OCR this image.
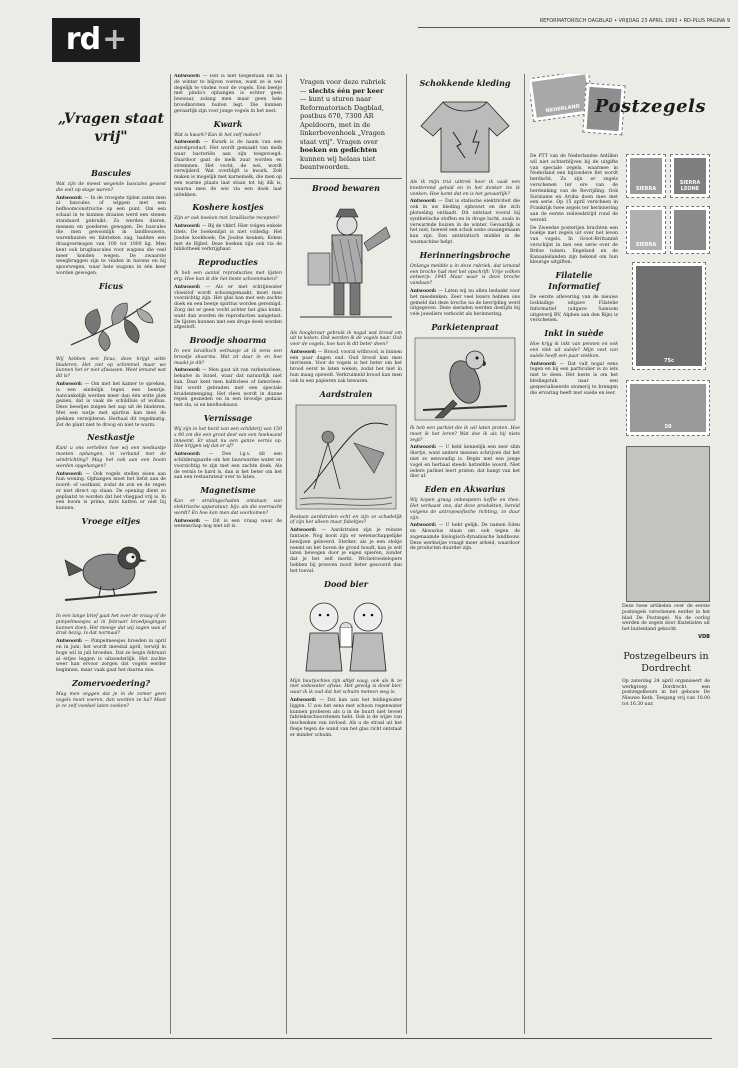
rd+
REFORMATORISCH DAGBLAD • VRIJDAG 23 APRIL 1993 • RD-PLUS PAGINA 9
„Vragen staat vrij"
Bascules

Wat zijn de meest wegende bascules gewest die ooit op stage waren?

Antwoord: — In de vroegste tijden zaten men al bascules of wippen met een hefboomconstructie op een punt. Om een schaal in te kunnen draaien werd een stenen standaard gebruikt. Zo werden dieren, mensen en goederen gewogen. De bascules die men gewoonlijk in landbouwers, warenhuizen en fabrieken zag, hadden een draagvermogen van 100 tot 1000 kg. Men kent ook brugbascules voor wagens die veel meer konden wegen. De zwaarste weegbruggen zijn te vinden in havens en bij spoorwegen, waar hele wagons in één keer worden gewogen.

Ficus

Wij hebben een ficus, deze krijgt witte bladeren. Het ziet op schimmel maar we kunnen het er niet afwassen. Weet iemand wat dit is?

Antwoord: — Om met het kamer te spreken, is een eindelijk tegen een beestje. Aanvankelijk werden meer dan één witte plek gezien, dat is vaak de schildluis of wolluis. Deze beestjes zuigen het sap uit de bladeren. Met een watje met spiritus kan men de plekken verwijderen. Herhaal dit regelmatig. Zet de plant niet te droog en niet te warm.

Nestkastje

Kunt u ons vertellen hoe wij een nestkastje moeten ophangen, in verband met de windrichting? Mag het ook aan een boom worden opgehangen?

Antwoord: — Ook vogels stellen eisen aan hun woning. Ophangen moet het liefst aan de noord- of oostkant, zodat de zon en de regen er niet direct op staan. De opening dient zo geplaatst te worden dat het vliegpad vrij is. In een boom is prima, mits katten er niet bij kunnen.

Vroege eitjes

In een lange brief gaat het over de vraag of de pimpelmeesjes al in februari broedpogingen kunnen doen. Het meesje dat wij zagen was al druk bezig. Is dat normaal?

Antwoord: — Pimpelmeesjes broeden in april en in juni; het wordt meestal april, terwijl in hoge wil in juli broeden. Dat ze begin februari al eitjes leggen is uitzonderlijk. Het zachte weer kan ervoor zorgen dat vogels eerder beginnen, maar vaak gaat het daarna mis.

Zomervoedering?

Mag men zeggen dat je in de zomer geen vogels moet voeren, dan worden ze lui? Moet je ze zelf voedsel laten zoeken?

Antwoord: — Het is niet toegestaan om na de winter te blijven voeren, want ze is wel degelijk te vinden voor de vogels. Een beetje met pinda's ophangen is echter geen bezwaar, zolang men maar geen hele broodkorsten buiten legt. Die kunnen gevaarlijk zijn voor jonge vogels in het nest.

Kwark

Wat is kwark? Kan ik het zelf maken?

Antwoord: — Kwark is de naam van een zuivelproduct. Het wordt gemaakt van melk waar bacteriën aan zijn toegevoegd. Daardoor gaat de melk zuur worden en stremmen. Het vocht, de wei, wordt verwijderd. Wat overblijft is kwark. Zelf maken is mogelijk met karnemelk, die men op een warme plaats laat staan tot hij dik is, waarna men de wei via een doek laat uitlekken.

Koshere kostjes

Zijn er ook boeken met Israëlische recepten?

Antwoord: — Bij de vkbrf. Hier volgen enkele titels. De boekenlijst is niet volledig: Het Joodse kookboek; De Joodse keuken; Koken met de Bijbel. Deze boeken zijn ook via de bibliotheek verkrijgbaar.

Reproducties

Ik heb een aantal reproducties met lijsten erg. Hoe kan ik die het beste schoonmaken?

Antwoord: — Als er met schrijnwater vloeistof wordt schoongemaakt, moet men voorzichtig zijn. Het glas kan met een zachte doek en een beetje spiritus worden gereinigd. Zorg dat er geen vocht achter het glas komt, want dan worden de reproducties aangetast. De lijsten kunnen met een droge doek worden afgestoft.

Broodje shoarma

In een Israëlisch eethuisje at ik eens een broodje shoarma. Wat zit daar in en hoe maakt je dit?

Antwoord: — Men gaat uit van varkensvlees, behalve in Israel, waar dat natuurlijk niet kan. Daar kent men kalfsvlees of lamsvlees. Dat wordt gebraden met een speciale kruidenmenging. Het vlees wordt in dunne repen gesneden en in een broodje gedaan met sla, ui en knoflooksaus.

Vernissage

Wij zijn in het bezit van een schilderij van 150 x 90 cm die een groot deel van een hoekwand inneemt. Er staat nu een ganze vernis op. Hoe krijgen wij dat er af?

Antwoord: — Doe l.g.v. dit een schildersgaarde om het lauwwarme water en voorzichtig te zijn met een zachte doek. Als de vernis te hard is, dan is het beter om het aan een restaurateur over te laten.

Magnetisme

Kan er stralingschaden ontstaan van elektrische apparatuur, bijv. als die overnacht wordt? En hoe kan men dat voorkomen?

Antwoord: — Dit is een vraag waar de wetenschap nog niet uit is.

Vragen voor deze rubriek — slechts één per keer — kunt u sturen naar Reformatorisch Dagblad, postbus 670, 7300 AR Apeldoorn, met in de linkerbovenhoek „Vragen staat vrij". Vragen over boeken en gedichten kunnen wij helaas niet beantwoorden.
Brood bewaren

Als hoogleraar gebruik ik nogal wat brood om uit te koken. Ook worden ik de vogels naar. Ook voor de vogels, hoe kan ik dit beter doen?

Antwoord: — Brood, vooral witbrood, is binnen een paar dagen oud. Oud brood kan men invriezen. Voor de vogels is het beter om het brood eerst te laten weken, zodat het niet in hun maag opzwelt. Verkruimeld brood kan men ook in een papieren zak bewaren.

Aardstralen

Bestaan aardstralen echt en zijn ze schadelijk of zijn het alleen maar fabeltjes?

Antwoord: — Aardstralen zijn je reinste fantasie. Nog nooit zijn er wetenschappelijke bewijzen geleverd. Sterker, als je een stokje neemt en het boven de grond houdt, kan je zelf laten bewegen door je eigen spieren, zonder dat je het zelf merkt. Wichelroedelopers hebben bij proeven nooit beter gescoord dan het toeval.

Dood bier

Mijn buurjochies zijn altijd vaag, ook als ik ze met sodawater afwas. Het gevolg is dood bier, waar ik ik oud dat het schuim meteen weg is.

Antwoord: — Dat kan aan het leidingwater liggen. U zou het eens met schoon regenwater kunnen proberen als u in de buurt niet teveel fabrieksschoorstenen hebt. Ook is de wijze van inschenken van invloed. Als u de straal uit het flesje tegen de wand van het glas richt ontstaat er minder schuim.

Schokkende kleding

Als ik mijn trui uittrek hoor ik vaak een knetterend geluid en in het donker zie ik vonken. Hoe komt dat en is het gevaarlijk?

Antwoord: — Dat is statische elektriciteit die ook in uw kleding opbouwt en die zich plotseling ontlaadt. Dit ontstaat vooral bij synthetische stoffen en in droge lucht, zoals in verwarmde huizen in de winter. Gevaarlijk is het niet, hoewel een schok soms onaangenaam kan zijn. Een antistatisch middel in de wasmachine helpt.

Herinneringsbroche

Onlangs meldde u in deze rubriek, dat iemand een broche had met het opschrift: Vrije volken antwerp: 1945 Maar waar is deze broche vandaan?

Antwoord: — Laten wij nu allen bedankt voor het meedenken. Zeer veel lezers hebben ons gemeld dat deze broche na de bevrijding werd uitgegeven. Deze sieraden werden destijds bij vele juweliers verkocht als herinnering.

Parkietenpraat

Ik heb een parkiet die ik wil laten praten. Hoe moet ik het leren? Wat doe ik als hij niets zegt?

Antwoord: — U hebt kennelijk een zeer slim diertje, want andere mensen schrijven dat het niet zo eenvoudig is. Begin met een jonge vogel en herhaal steeds hetzelfde woord. Niet iedere parkiet leert praten, dat hangt van het dier af.

Eden en Akwarius

Wij kopen graag onbespoten koffie en thee. Het verbaast ons, dat deze produkten, bereid volgens de antroposofische richting, zo duur zijn.

Antwoord: — U hebt gelijk. De namen Eden en Akwarius staan om ook tegen de zogenaamde biologisch-dynamische landbouw. Deze werkwijze vraagt meer arbeid, waardoor de producten duurder zijn.

NEDERLAND Postzegels

De PTT van de Nederlandse Antillen wil niet achterblijven bij de uitgifte van speciale zegels, waarmee in Nederland een bijzondere fiet wordt herdacht. Zo zijn er zegels verschenen ter ere van de herdenking van de Bevrijding. Ook Suriname en Aruba doen mee met een serie. Op 15 april verscheen in Frankrijk twee zegels ter herinnering aan de eerste zeilwedstrijd rond de wereld.

De Zweedse posterijen brachten een boekje met zegels uit over het leven van vogels. In Groot-Brittannië verschijnt in mei een serie over de Britse tuinen. Engeland en de Kanaaleilanden zijn bekend om hun kleurige uitgiften.

Filatelie Informatief

De eerste aflevering van de nieuwe losbladige uitgave Filatelie Informatief (uitgave Samsom uitgeverij BV, Alphen aan den Rijn) is verschenen.

Inkt in suède

Hoe krijg ik inkt van pennen en ook een vlek uit suède? Mijn vest van suède heeft een paar vlekken.

Antwoord: — Dat valt nogal eens tegen en bij een particulier is zo iets niet te doen. Het beste is om het kledingstuk naar een gespecialiseerde stomerij te brengen die ervaring heeft met suède en leer.

SIERRA
SIERRA LEONE
SIERRA
75c
50

Deze twee artikelen over de eerste postzegels verschenen eerder in het blad De Postzegel. Na de oorlog werden de zegels door filatelisten uit het buitenland gekocht.

VDB
Postzegelbeurs in Dordrecht

Op zaterdag 24 april organiseert de werkgroep Dordrecht een postzegelbeurs in het gebouw De Nieuwe Kerk. Toegang vrij van 10.00 tot 16.30 uur.
